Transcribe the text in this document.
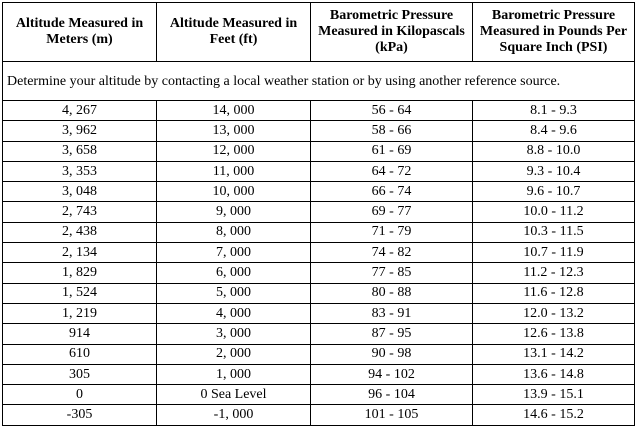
Altitude Measured in Meters (m)	Altitude Measured in Feet (ft)	Barometric Pressure Measured in Kilopascals (kPa)	Barometric Pressure Measured in Pounds Per Square Inch (PSI)
Determine your altitude by contacting a local weather station or by using another reference source.			
4, 267	14, 000	56 - 64	8.1 - 9.3
3, 962	13, 000	58 - 66	8.4 - 9.6
3, 658	12, 000	61 - 69	8.8 - 10.0
3, 353	11, 000	64 - 72	9.3 - 10.4
3, 048	10, 000	66 - 74	9.6 - 10.7
2, 743	9, 000	69 - 77	10.0 - 11.2
2, 438	8, 000	71 - 79	10.3 - 11.5
2, 134	7, 000	74 - 82	10.7 - 11.9
1, 829	6, 000	77 - 85	11.2 - 12.3
1, 524	5, 000	80 - 88	11.6 - 12.8
1, 219	4, 000	83 - 91	12.0 - 13.2
914	3, 000	87 - 95	12.6 - 13.8
610	2, 000	90 - 98	13.1 - 14.2
305	1, 000	94 - 102	13.6 - 14.8
0	0 Sea Level	96 - 104	13.9 - 15.1
-305	-1, 000	101 - 105	14.6 - 15.2
